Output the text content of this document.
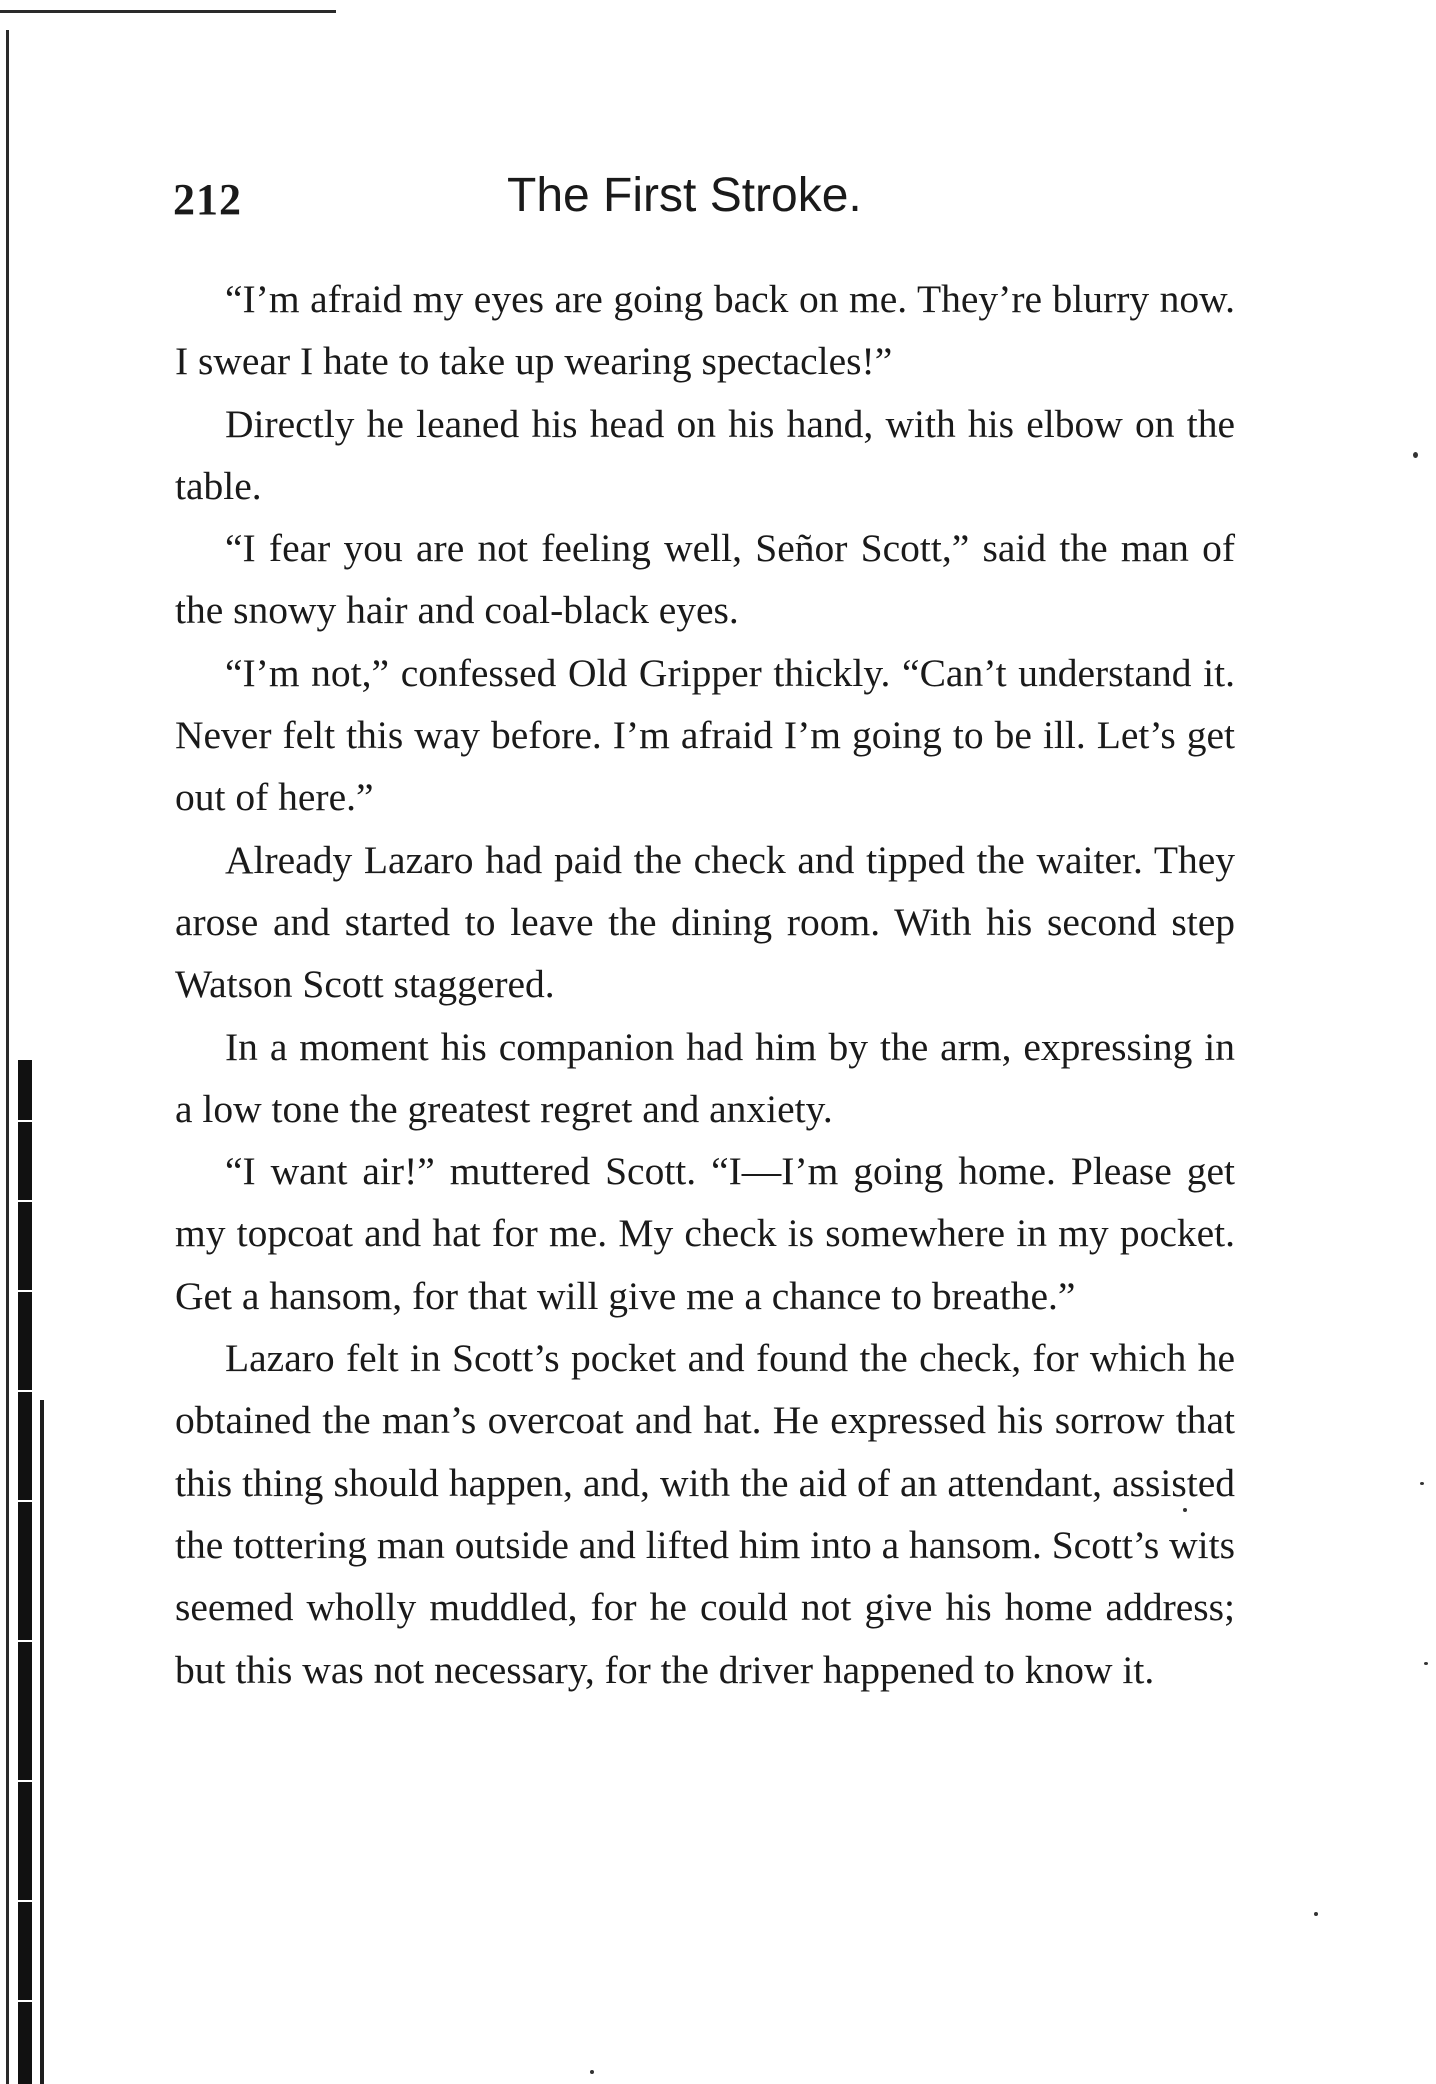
212	The First Stroke.

“I’m afraid my eyes are going back on me. They’re blurry now. I swear I hate to take up wearing spectacles!”

Directly he leaned his head on his hand, with his elbow on the table.

“I fear you are not feeling well, Señor Scott,” said the man of the snowy hair and coal-black eyes.

“I’m not,” confessed Old Gripper thickly. “Can’t understand it. Never felt this way before. I’m afraid I’m going to be ill. Let’s get out of here.”

Already Lazaro had paid the check and tipped the waiter. They arose and started to leave the dining room. With his second step Watson Scott staggered.

In a moment his companion had him by the arm, expressing in a low tone the greatest regret and anxiety.

“I want air!” muttered Scott. “I—I’m going home. Please get my topcoat and hat for me. My check is somewhere in my pocket. Get a hansom, for that will give me a chance to breathe.”

Lazaro felt in Scott’s pocket and found the check, for which he obtained the man’s overcoat and hat. He expressed his sorrow that this thing should happen, and, with the aid of an attendant, assisted the tottering man outside and lifted him into a hansom. Scott’s wits seemed wholly muddled, for he could not give his home address; but this was not necessary, for the driver happened to know it.
